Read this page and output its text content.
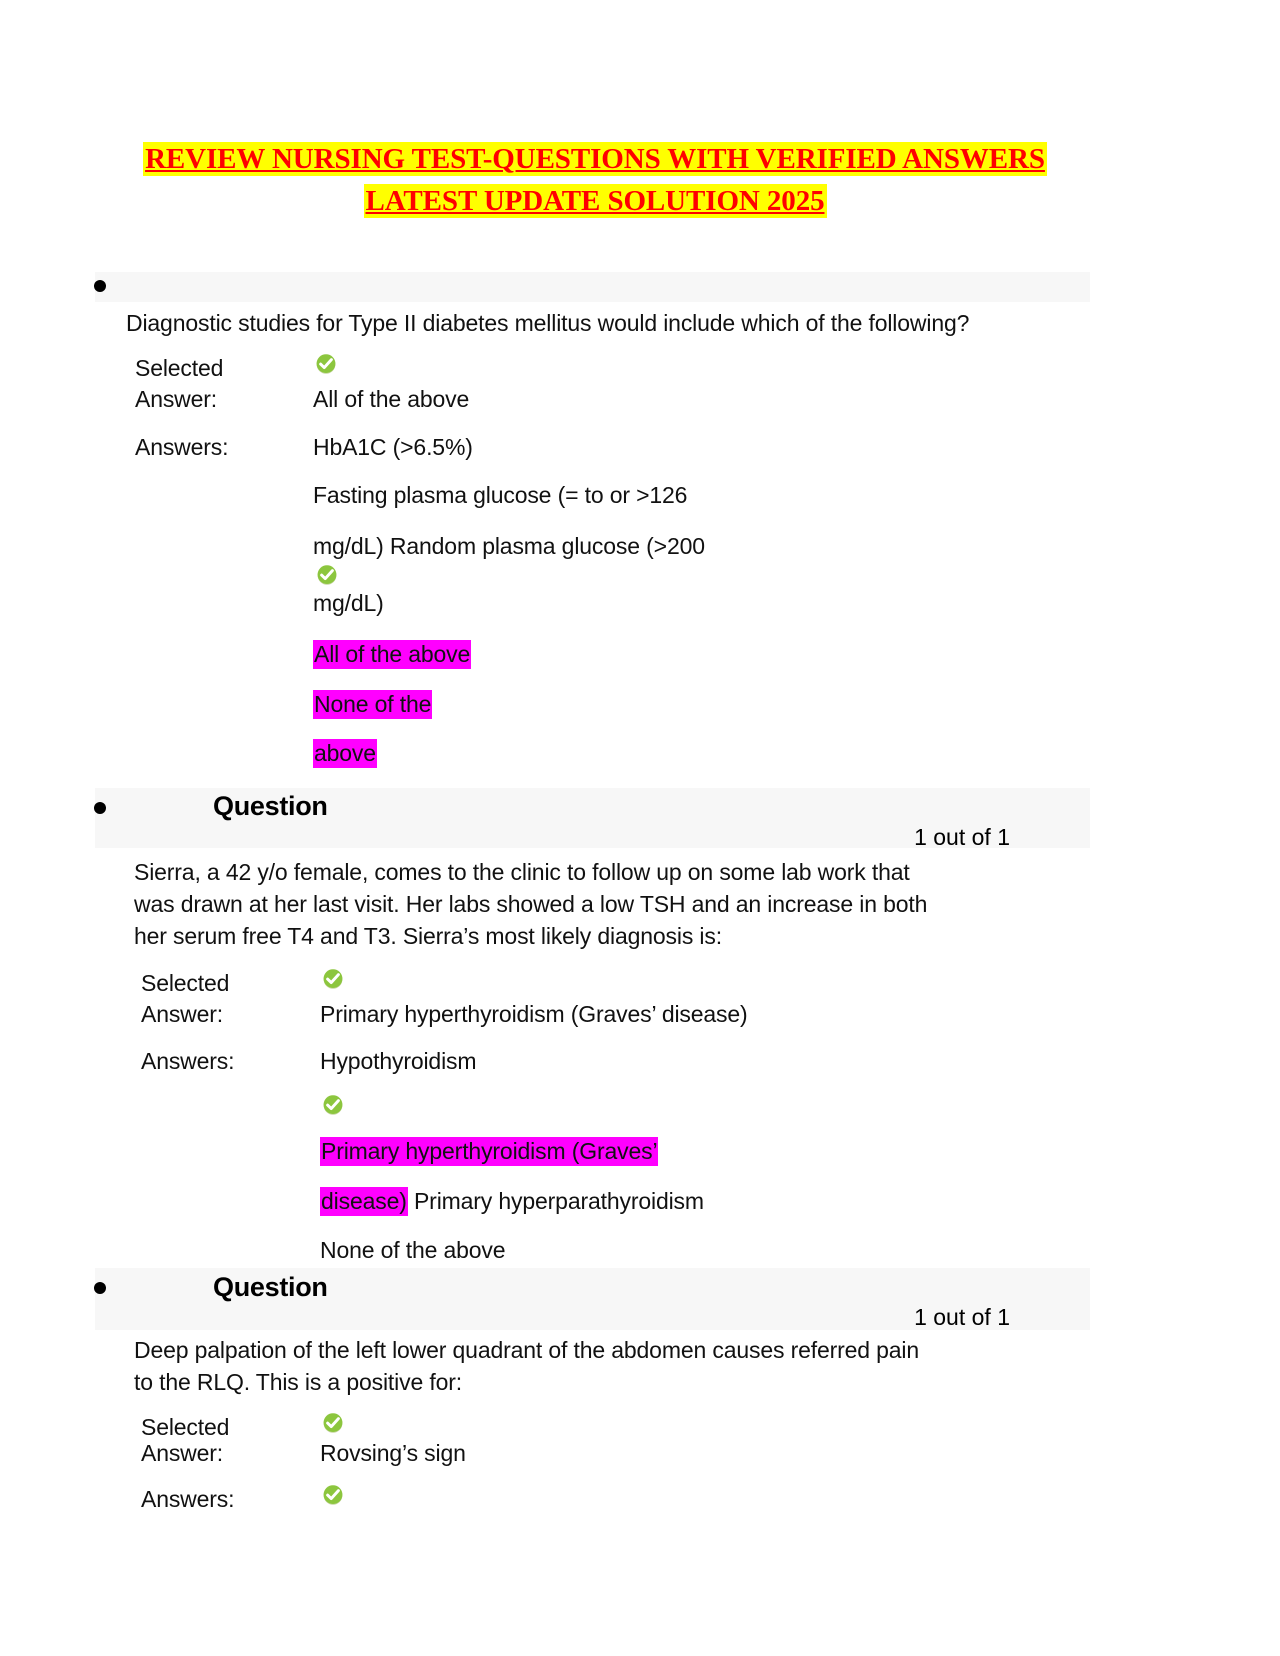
REVIEW NURSING TEST-QUESTIONS WITH VERIFIED ANSWERS
LATEST UPDATE SOLUTION 2025
Diagnostic studies for Type II diabetes mellitus would include which of the following?
Selected
Answer:	All of the above
Answers:	HbA1C (>6.5%)
Fasting plasma glucose (= to or >126
mg/dL) Random plasma glucose (>200
mg/dL)
All of the above
None of the
above
Question
1 out of 1
Sierra, a 42 y/o female, comes to the clinic to follow up on some lab work that
was drawn at her last visit. Her labs showed a low TSH and an increase in both
her serum free T4 and T3. Sierra’s most likely diagnosis is:
Selected
Answer:	Primary hyperthyroidism (Graves’ disease)
Answers:	Hypothyroidism
Primary hyperthyroidism (Graves’
disease) Primary hyperparathyroidism
None of the above
Question
1 out of 1
Deep palpation of the left lower quadrant of the abdomen causes referred pain
to the RLQ. This is a positive for:
Selected
Answer:	Rovsing’s sign
Answers:
